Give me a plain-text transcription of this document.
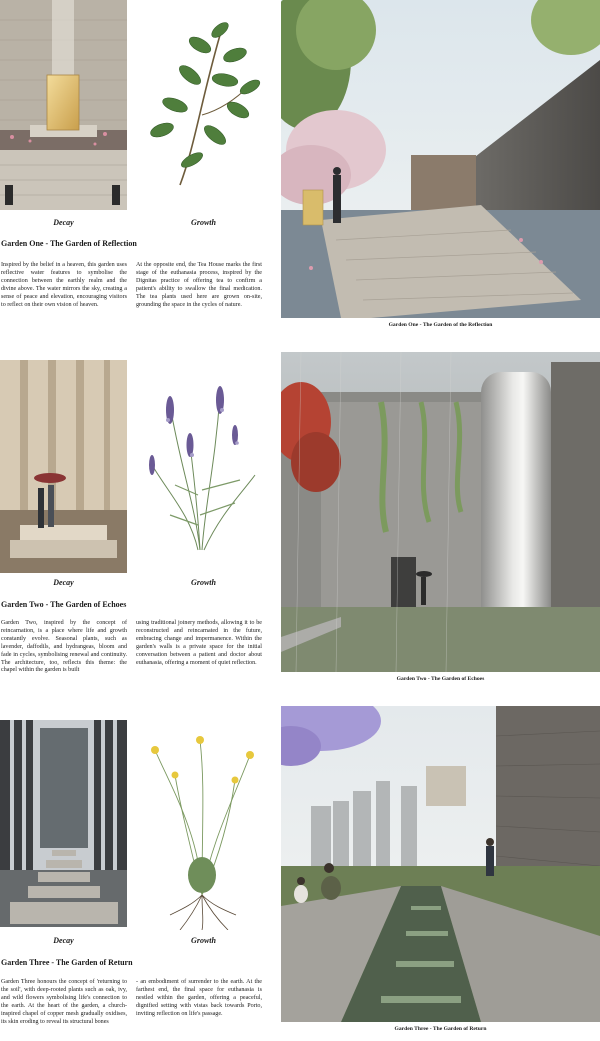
Decay	Growth
Garden One - The Garden of Reflection
Inspired by the belief in a heaven, this garden uses reflective water features to symbolise the connection between the earthly realm and the divine above. The water mirrors the sky, creating a sense of peace and elevation, encouraging visitors to reflect on their own vision of heaven.
At the opposite end, the Tea House marks the first stage of the euthanasia process, inspired by the Dignitas practice of offering tea to confirm a patient's ability to swallow the final medication. The tea plants used here are grown on-site, grounding the space in the cycles of nature.
Garden One - The Garden of the Reflection
Decay	Growth
Garden Two - The Garden of Echoes
Garden Two, inspired by the concept of reincarnation, is a place where life and growth constantly evolve. Seasonal plants, such as lavender, daffodils, and hydrangeas, bloom and fade in cycles, symbolising renewal and continuity. The architecture, too, reflects this theme: the chapel within the garden is built
using traditional joinery methods, allowing it to be reconstructed and reincarnated in the future, embracing change and impermanence. Within the garden's walls is a private space for the initial conversation between a patient and doctor about euthanasia, offering a moment of quiet reflection.
Garden Two - The Garden of Echoes
Decay	Growth
Garden Three - The Garden of Return
Garden Three honours the concept of 'returning to the soil', with deep-rooted plants such as oak, ivy, and wild flowers symbolising life's connection to the earth. At the heart of the garden, a church-inspired chapel of copper mesh gradually oxidises, its skin eroding to reveal its structural bones
- an embodiment of surrender to the earth. At the farthest end, the final space for euthanasia is nestled within the garden, offering a peaceful, dignified setting with vistas back towards Porto, inviting reflection on life's passage.
Garden Three - The Garden of Return
